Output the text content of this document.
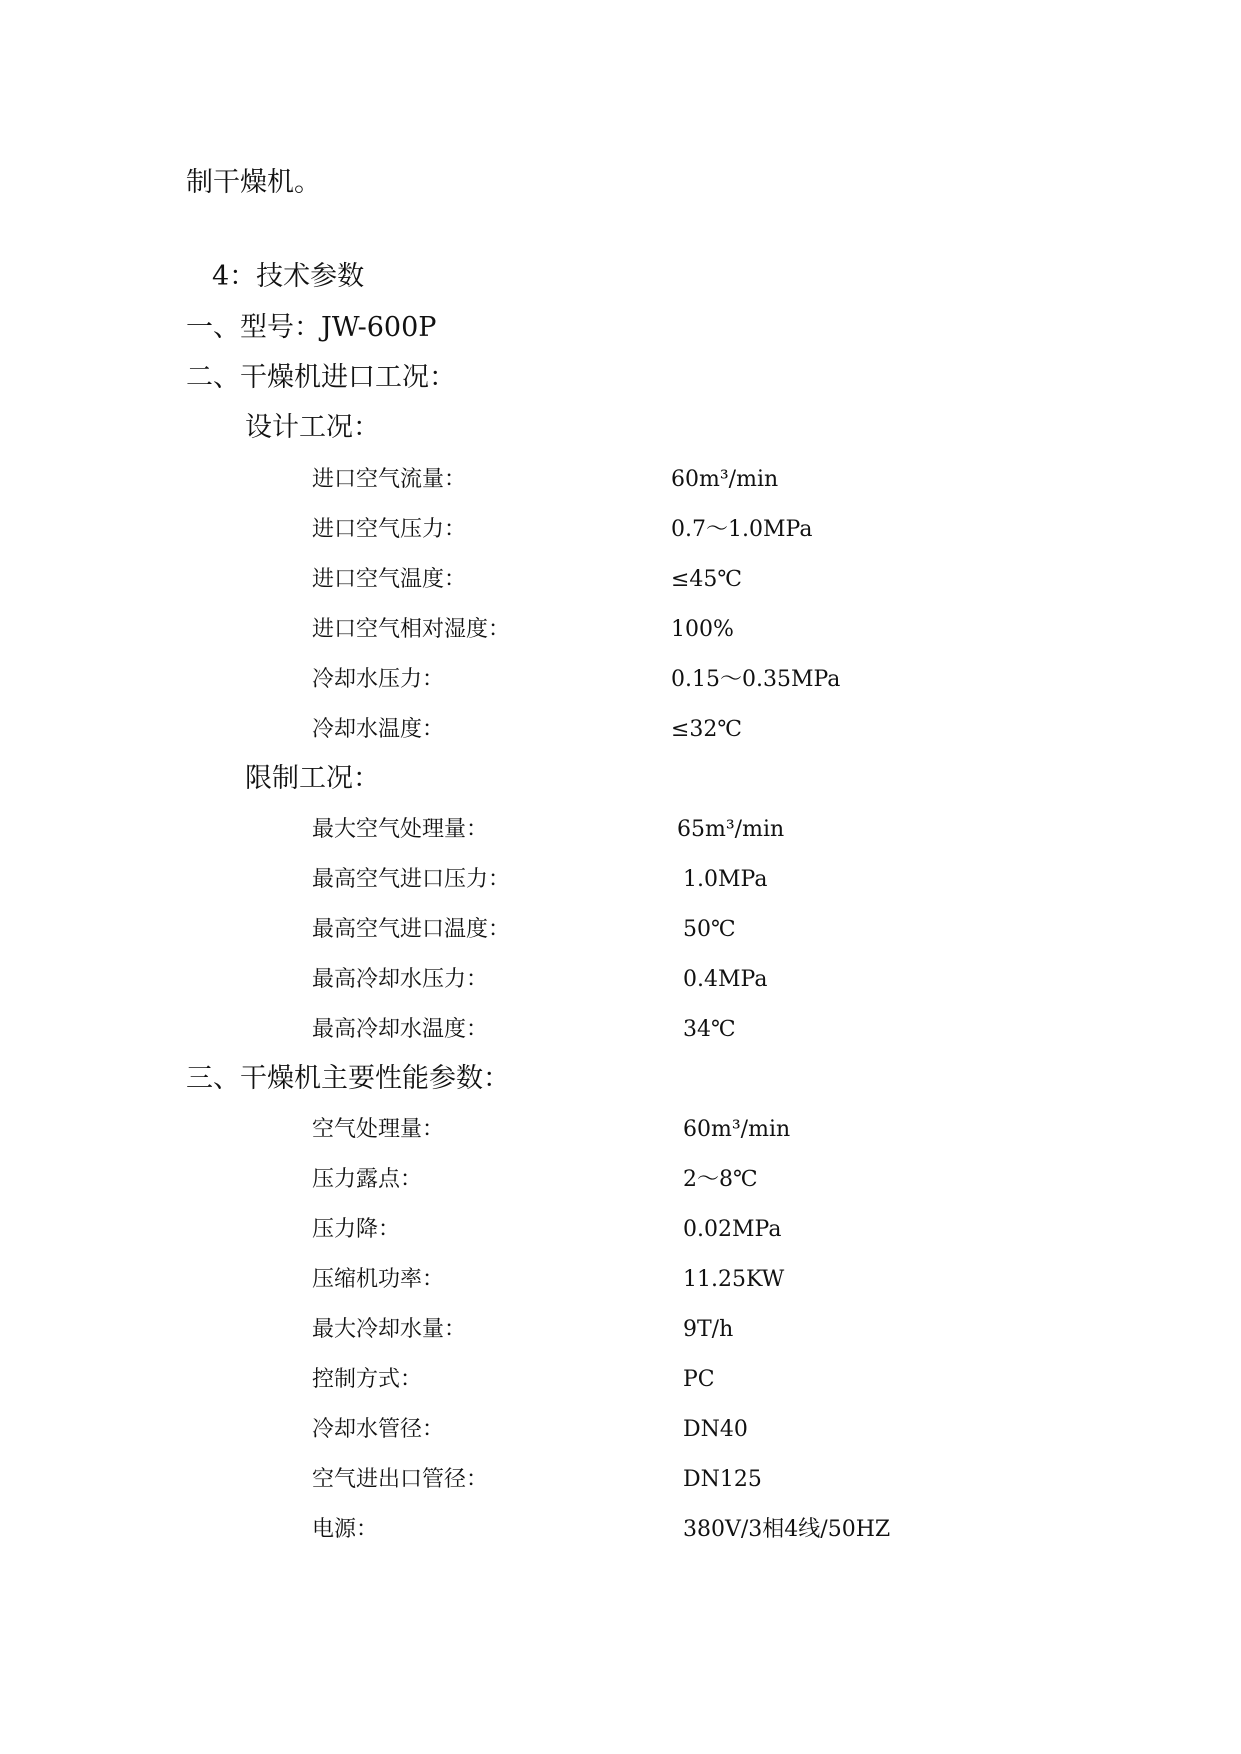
制干燥机。
4：技术参数
一、型号：JW-600P
二、干燥机进口工况：
设计工况：
进口空气流量：	60m³/min
进口空气压力：	0.7～1.0MPa
进口空气温度：	≤45℃
进口空气相对湿度：	100%
冷却水压力：	0.15～0.35MPa
冷却水温度：	≤32℃
限制工况：
最大空气处理量：	65m³/min
最高空气进口压力：	1.0MPa
最高空气进口温度：	50℃
最高冷却水压力：	0.4MPa
最高冷却水温度：	34℃
三、干燥机主要性能参数：
空气处理量：	60m³/min
压力露点：	2～8℃
压力降：	0.02MPa
压缩机功率：	11.25KW
最大冷却水量：	9T/h
控制方式：	PC
冷却水管径：	DN40
空气进出口管径：	DN125
电源：	380V/3相4线/50HZ
